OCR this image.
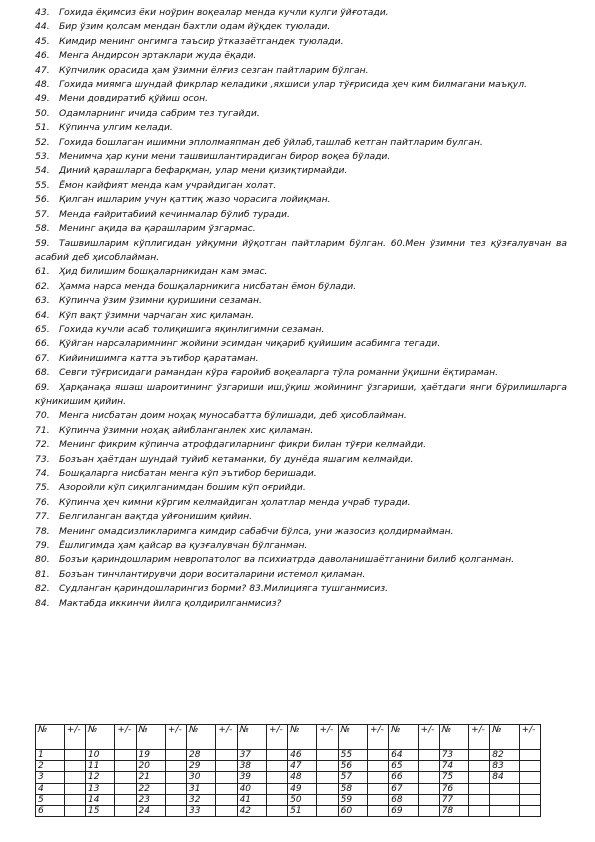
43. Гохида ёқимсиз ёки ноўрин воқеалар менда кучли кулги ўйғотади.

44. Бир ўзим қолсам мендан бахтли одам йўқдек туюлади.

45. Кимдир менинг онгимга таъсир ўтказаётгандек туюлади.

46. Менга Андирсон эртаклари жуда ёқади.

47. Кўпчилик орасида ҳам ўзимни ёлғиз сезган пайтларим бўлган.

48. Гохида миямга шундай фикрлар келадики ,яхшиси улар тўғрисида ҳеч ким билмагани маъқул.

49. Мени довдиратиб қўйиш осон.

50. Одамларнинг ичида сабрим тез тугайди.

51. Кўпинча улгим келади.

52. Гохида бошлаган ишимни эплолмаяпман деб ўйлаб,ташлаб кетган пайтларим булган.

53. Менимча ҳар куни мени ташвишлантирадиган бирор воқеа бўлади.

54. Диний қарашларга бефарқман, улар мени қизиқтирмайди.

55. Ёмон кайфият менда кам учрайдиган холат.

56. Қилган ишларим учун қаттиқ жазо чорасига лойиқман.

57. Менда ғайритабиий кечинмалар бўлиб туради.

58. Менинг ақида ва қарашларим ўзгармас.

59. Ташвишларим кўплигидан уйқумни йўқотган пайтларим бўлган. 60.Мен ўзимни тез қўзғалувчан ва асабий деб ҳисоблайман.

61. Ҳид билишим бошқаларникидан кам эмас.

62. Ҳамма нарса менда бошқаларникига нисбатан ёмон бўлади.

63. Кўпинча ўзим ўзимни қуришини сезаман.

64. Кўп вақт ўзимни чарчаган хис қиламан.

65. Гохида кучли асаб толиқишига яқинлигимни сезаман.

66. Қўйган нарсаларимнинг жойини эсимдан чиқариб қуйишим асабимга тегади.

67. Кийинишимга катта эътибор қаратаман.

68. Севги тўғрисидаги рамандан кўра ғаройиб воқеаларга тўла романни ўқишни ёқтираман.

69. Ҳарқанақа яшаш шароитининг ўзгариши иш,ўқиш жойининг ўзгариши, ҳаётдаги янги бўрилишларга кўникишим қийин.

70. Менга нисбатан доим ноҳақ муносабатта бўлишади, деб ҳисоблайман.

71. Кўпинча ўзимни ноҳақ айибланганлек хис қиламан.

72. Менинг фикрим кўпинча атрофдагиларнинг фикри билан тўғри келмайди.

73. Бозъан ҳаётдан шундай туйиб кетаманки, бу дунёда яшагим келмайди.

74. Бошқаларга нисбатан менга кўп эътибор беришади.

75. Азоройли кўп сиқилганимдан бошим кўп оғрийди.

76. Кўпинча ҳеч кимни кўргим келмайдиган ҳолатлар менда учраб туради.

77. Белгиланган вақтда уйғонишим қийин.

78. Менинг омадсизликларимга кимдир сабабчи бўлса, уни жазосиз қолдирмайман.

79. Ёшлигимда ҳам қайсар ва қузғалувчан бўлганман.

80. Бозъи қариндошларим невропатолог ва психиатрда даволанишаётганини билиб қолганман.

81. Бозъан тинчлантирувчи дори воситаларини истемол қиламан.

82. Судланган қариндошларингиз борми? 83.Милицияга тушганмисиз.

84. Мактабда иккинчи йилга қолдирилганмисиз?

№	+/-	№	+/-	№	+/-	№	+/-	№	+/-	№	+/-	№	+/-	№	+/-	№	+/-	№	+/-
1		10		19		28		37		46		55		64		73		82	
2		11		20		29		38		47		56		65		74		83	
3		12		21		30		39		48		57		66		75		84	
4		13		22		31		40		49		58		67		76			
5		14		23		32		41		50		59		68		77			
6		15		24		33		42		51		60		69		78			
